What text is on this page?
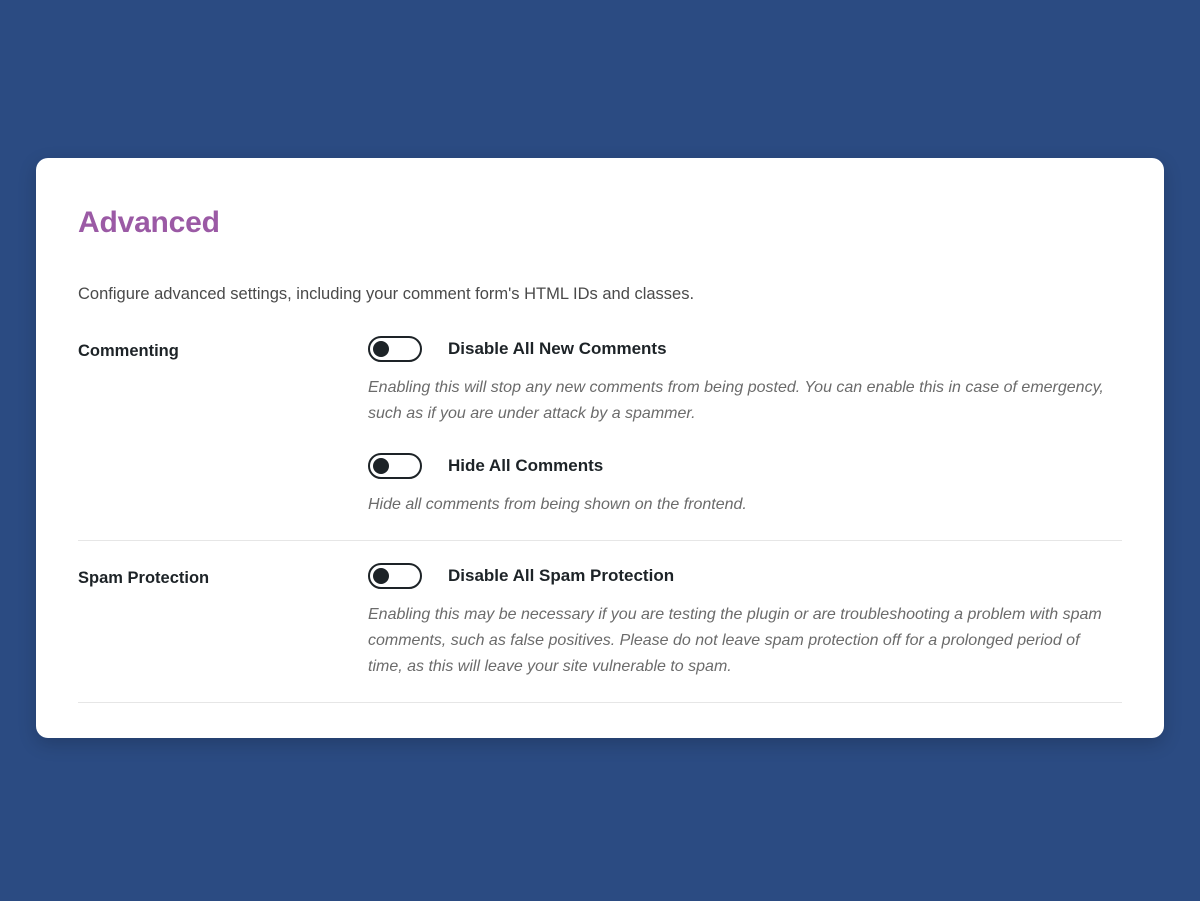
Advanced
Configure advanced settings, including your comment form's HTML IDs and classes.
Commenting	Disable All New Comments
Enabling this will stop any new comments from being posted. You can enable this in case of emergency, such as if you are under attack by a spammer.
Hide All Comments
Hide all comments from being shown on the frontend.
Spam Protection	Disable All Spam Protection
Enabling this may be necessary if you are testing the plugin or are troubleshooting a problem with spam comments, such as false positives. Please do not leave spam protection off for a prolonged period of time, as this will leave your site vulnerable to spam.
